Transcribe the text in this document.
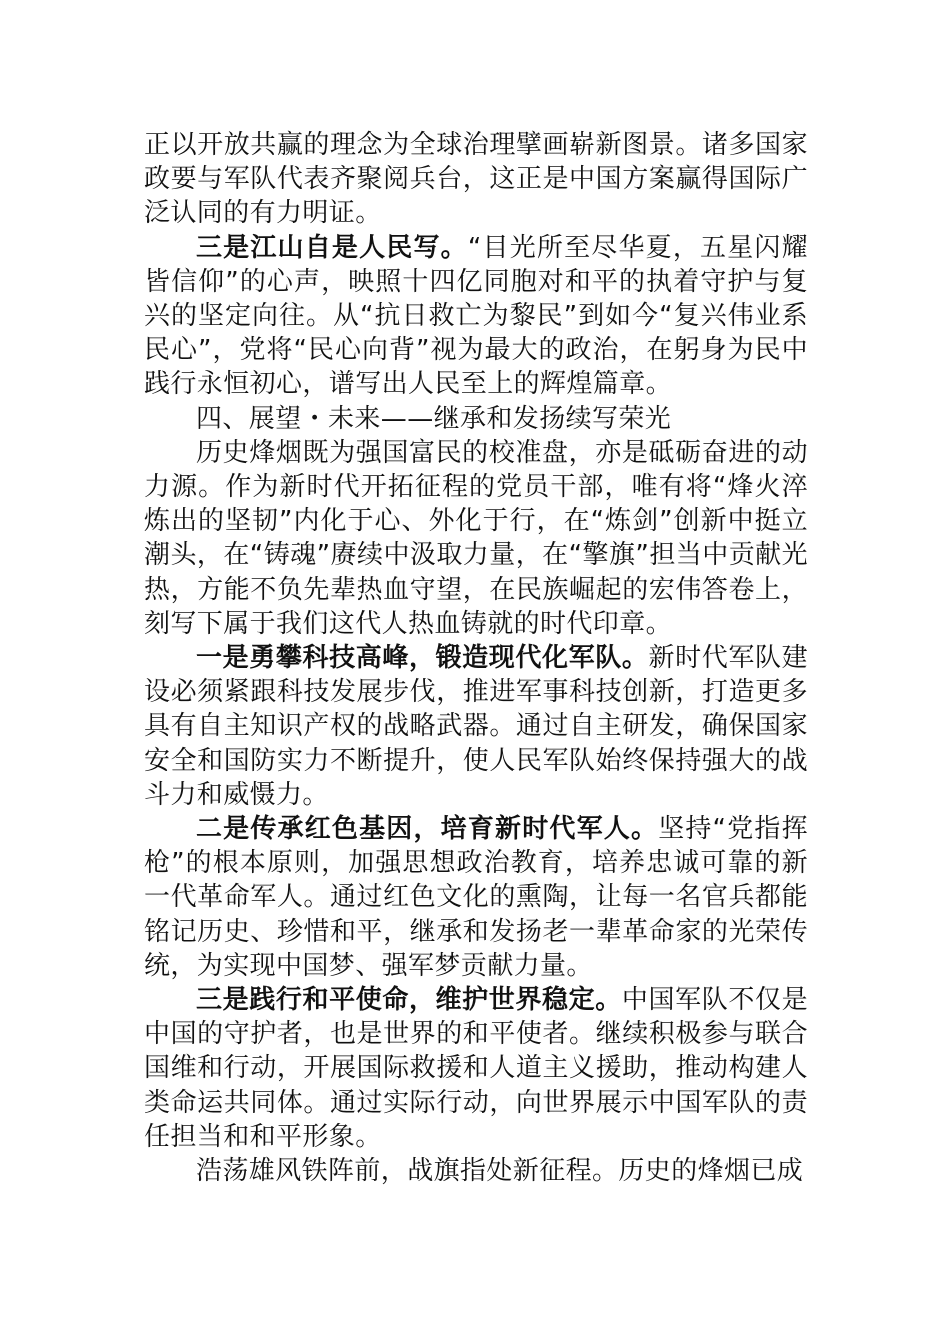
正以开放共赢的理念为全球治理擘画崭新图景。诸多国家政要与军队代表齐聚阅兵台，这正是中国方案赢得国际广泛认同的有力明证。

三是江山自是人民写。“目光所至尽华夏，五星闪耀皆信仰”的心声，映照十四亿同胞对和平的执着守护与复兴的坚定向往。从“抗日救亡为黎民”到如今“复兴伟业系民心”，党将“民心向背”视为最大的政治，在躬身为民中践行永恒初心，谱写出人民至上的辉煌篇章。

四、展望・未来——继承和发扬续写荣光

历史烽烟既为强国富民的校准盘，亦是砥砺奋进的动力源。作为新时代开拓征程的党员干部，唯有将“烽火淬炼出的坚韧”内化于心、外化于行，在“炼剑”创新中挺立潮头，在“铸魂”赓续中汲取力量，在“擎旗”担当中贡献光热，方能不负先辈热血守望，在民族崛起的宏伟答卷上，刻写下属于我们这代人热血铸就的时代印章。

一是勇攀科技高峰，锻造现代化军队。新时代军队建设必须紧跟科技发展步伐，推进军事科技创新，打造更多具有自主知识产权的战略武器。通过自主研发，确保国家安全和国防实力不断提升，使人民军队始终保持强大的战斗力和威慑力。

二是传承红色基因，培育新时代军人。坚持“党指挥枪”的根本原则，加强思想政治教育，培养忠诚可靠的新一代革命军人。通过红色文化的熏陶，让每一名官兵都能铭记历史、珍惜和平，继承和发扬老一辈革命家的光荣传统，为实现中国梦、强军梦贡献力量。

三是践行和平使命，维护世界稳定。中国军队不仅是中国的守护者，也是世界的和平使者。继续积极参与联合国维和行动，开展国际救援和人道主义援助，推动构建人类命运共同体。通过实际行动，向世界展示中国军队的责任担当和和平形象。

浩荡雄风铁阵前，战旗指处新征程。历史的烽烟已成
